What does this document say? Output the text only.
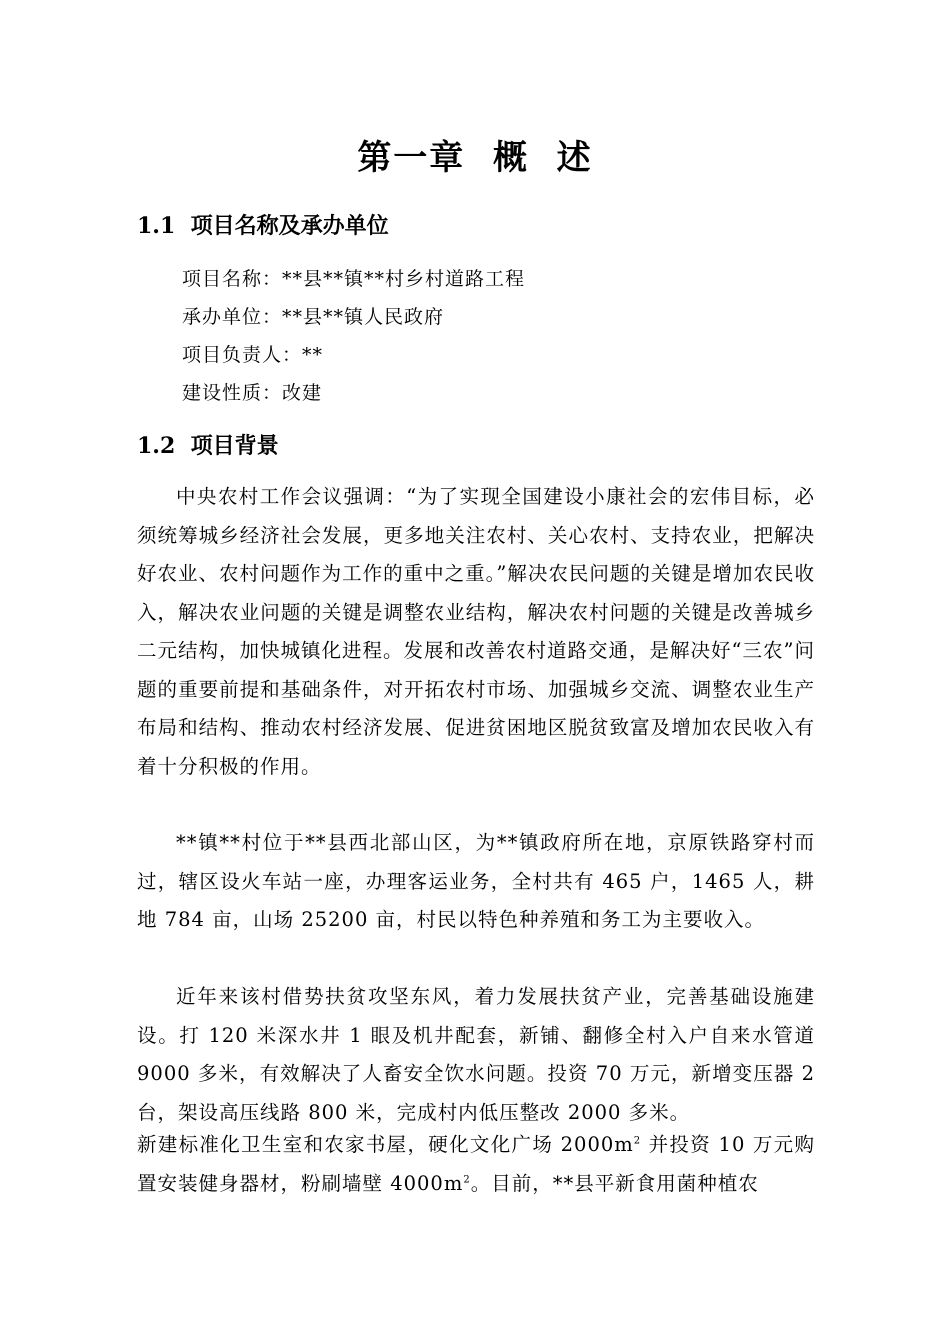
第一章  概  述
1.1  项目名称及承办单位
项目名称：**县**镇**村乡村道路工程
承办单位：**县**镇人民政府
项目负责人：**
建设性质：改建
1.2  项目背景

中央农村工作会议强调：“为了实现全国建设小康社会的宏伟目标，必须统筹城乡经济社会发展，更多地关注农村、关心农村、支持农业，把解决好农业、农村问题作为工作的重中之重。”解决农民问题的关键是增加农民收入，解决农业问题的关键是调整农业结构，解决农村问题的关键是改善城乡二元结构，加快城镇化进程。发展和改善农村道路交通，是解决好“三农”问题的重要前提和基础条件，对开拓农村市场、加强城乡交流、调整农业生产布局和结构、推动农村经济发展、促进贫困地区脱贫致富及增加农民收入有着十分积极的作用。

**镇**村位于**县西北部山区，为**镇政府所在地，京原铁路穿村而过，辖区设火车站一座，办理客运业务，全村共有 465 户，1465 人，耕地 784 亩，山场 25200 亩，村民以特色种养殖和务工为主要收入。

近年来该村借势扶贫攻坚东风，着力发展扶贫产业，完善基础设施建设。打 120 米深水井 1 眼及机井配套，新铺、翻修全村入户自来水管道 9000 多米，有效解决了人畜安全饮水问题。投资 70 万元，新增变压器 2 台，架设高压线路 800 米，完成村内低压整改 2000 多米。

新建标准化卫生室和农家书屋，硬化文化广场 $2000m^2$ 并投资 10 万元购置安装健身器材，粉刷墙壁 $4000m^2$。目前，**县平新食用菌种植农
